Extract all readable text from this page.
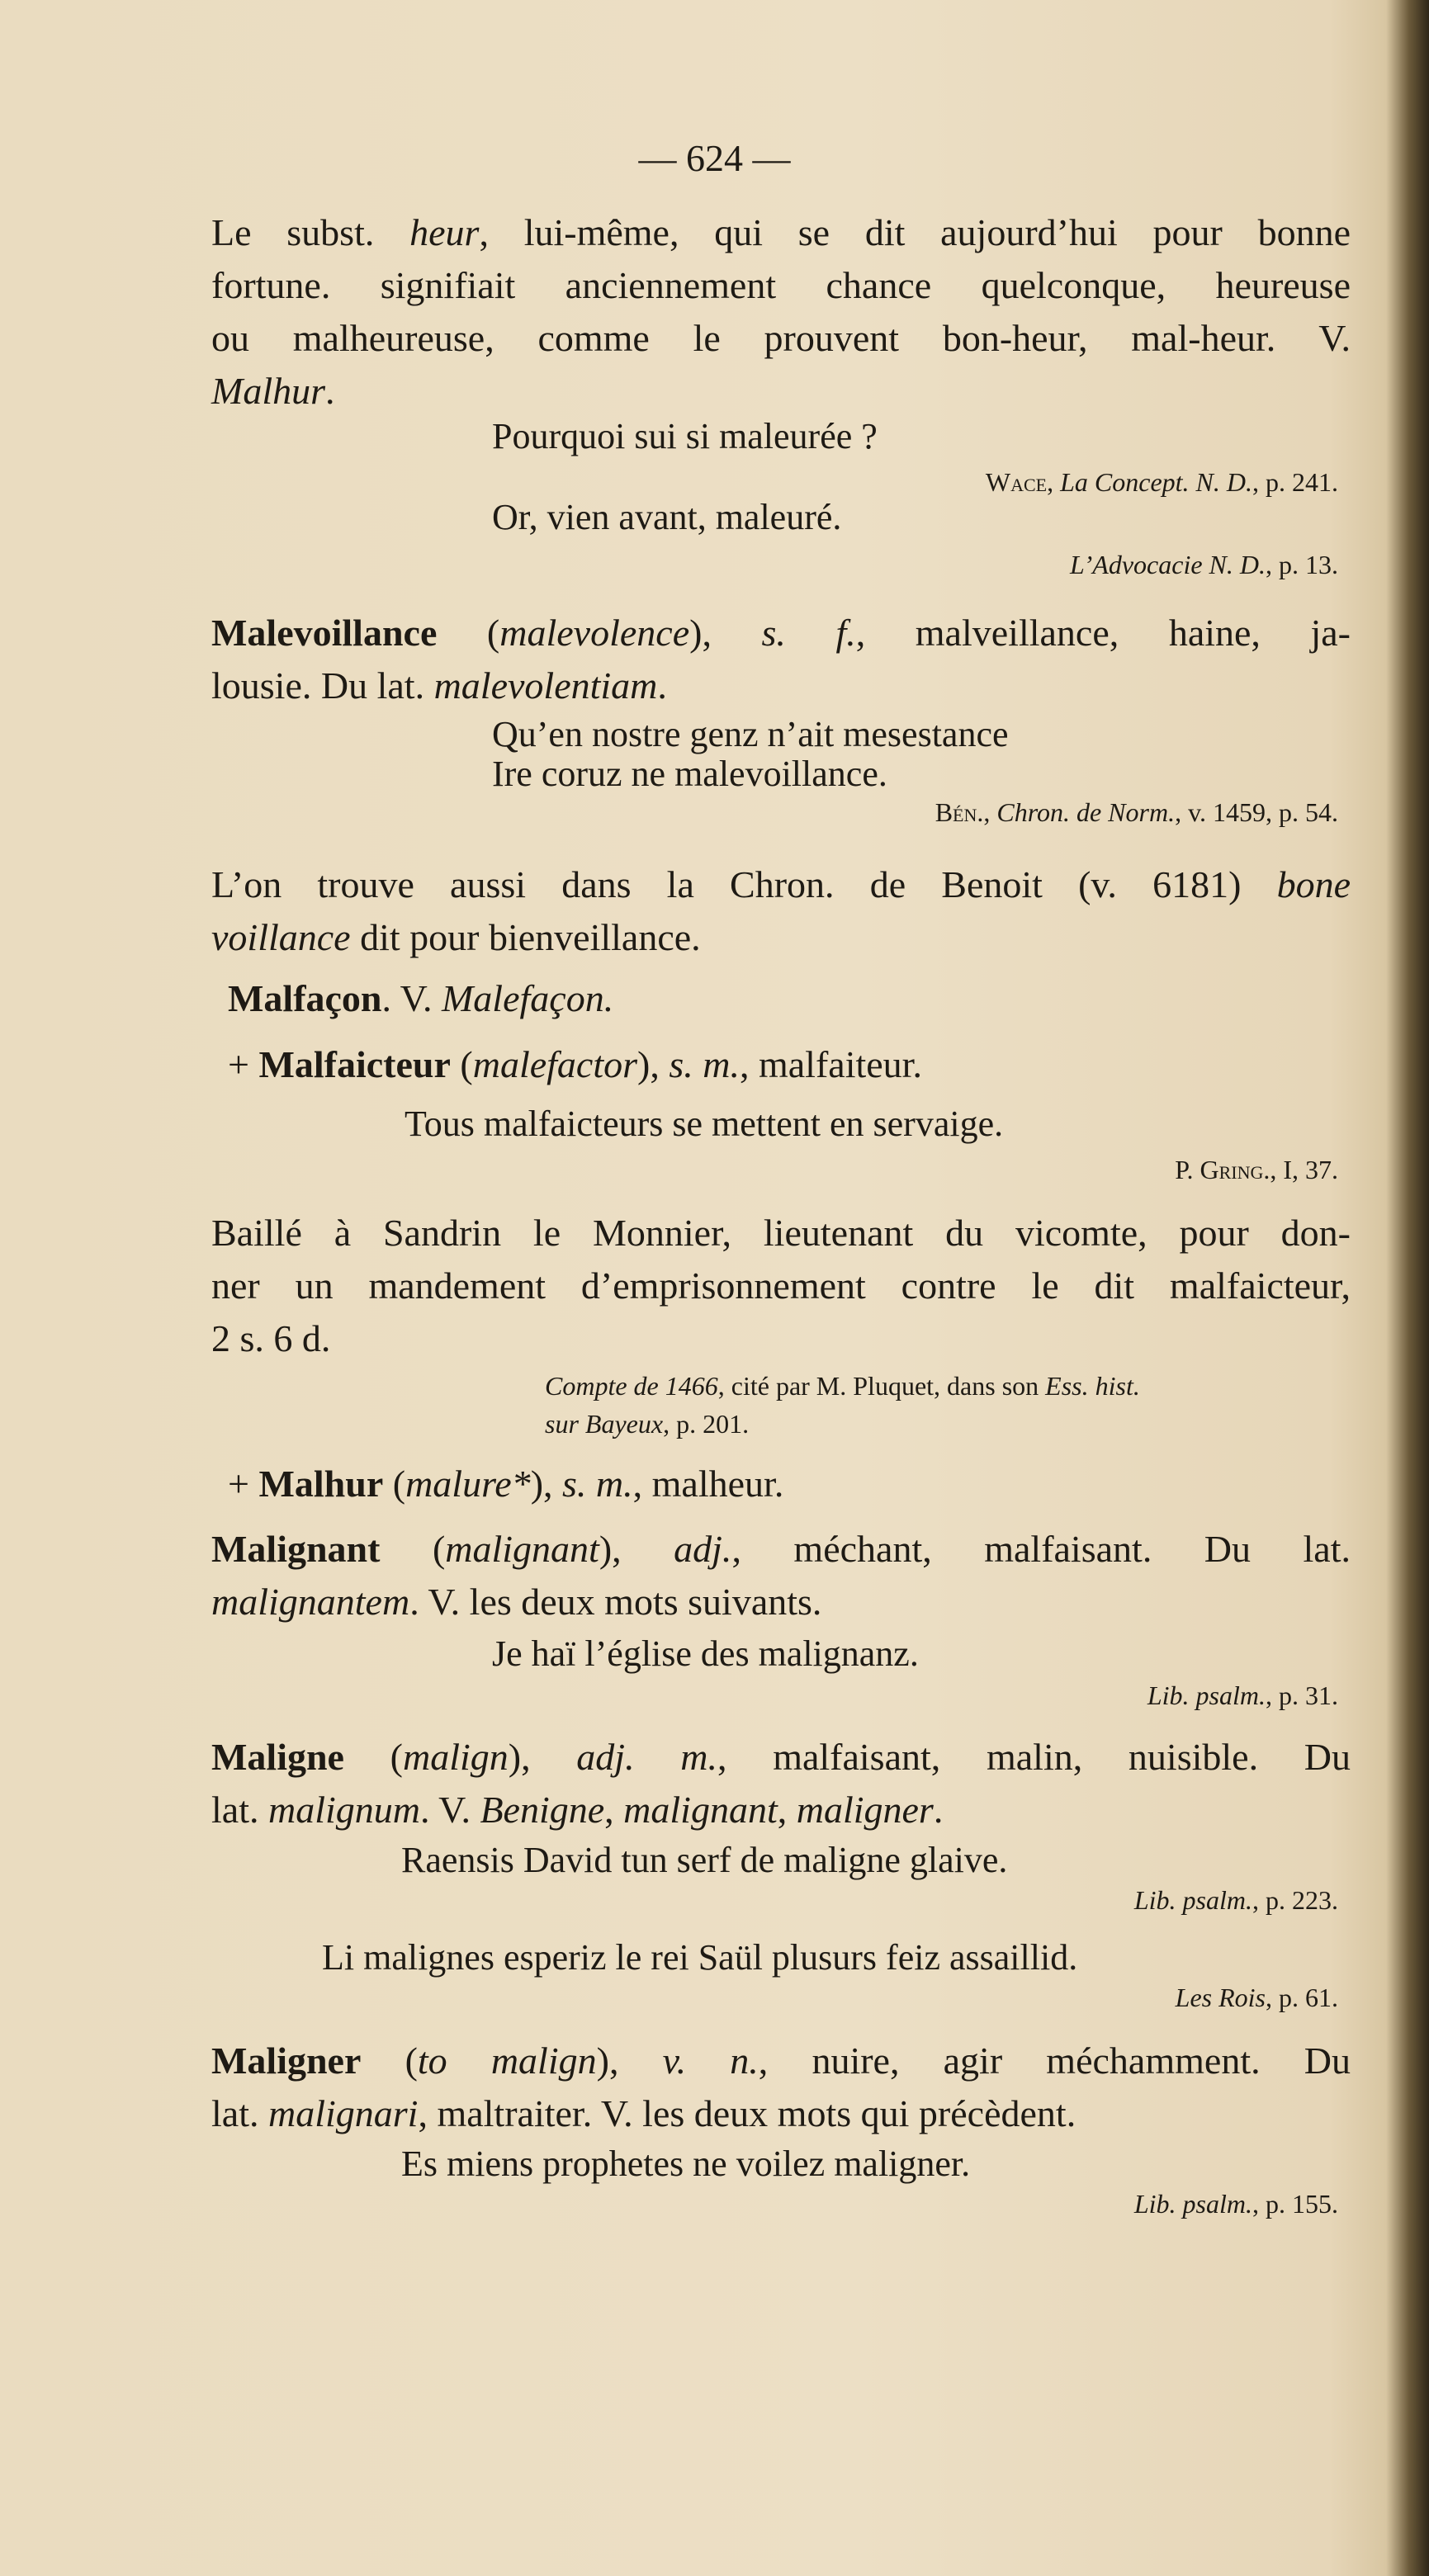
— 624 —
Le subst. heur, lui-même, qui se dit aujourd’hui pour bonne
fortune. signifiait anciennement chance quelconque, heureuse
ou malheureuse, comme le prouvent bon-heur, mal-heur. V.
Malhur.
Pourquoi sui si maleurée ?
Wace, La Concept. N. D., p. 241.
Or, vien avant, maleuré.
L’Advocacie N. D., p. 13.
Malevoillance (malevolence), s. f., malveillance, haine, ja-
lousie. Du lat. malevolentiam.
Qu’en nostre genz n’ait mesestance
Ire coruz ne malevoillance.
Bén., Chron. de Norm., v. 1459, p. 54.
L’on trouve aussi dans la Chron. de Benoit (v. 6181) bone
voillance dit pour bienveillance.
Malfaçon. V. Malefaçon.
+ Malfaicteur (malefactor), s. m., malfaiteur.
Tous malfaicteurs se mettent en servaige.
P. Gring., I, 37.
Baillé à Sandrin le Monnier, lieutenant du vicomte, pour don-
ner un mandement d’emprisonnement contre le dit malfaicteur,
2 s. 6 d.
Compte de 1466, cité par M. Pluquet, dans son Ess. hist.
sur Bayeux, p. 201.
+ Malhur (malure*), s. m., malheur.
Malignant (malignant), adj., méchant, malfaisant. Du lat.
malignantem. V. les deux mots suivants.
Je haï l’église des malignanz.
Lib. psalm., p. 31.
Maligne (malign), adj. m., malfaisant, malin, nuisible. Du
lat. malignum. V. Benigne, malignant, maligner.
Raensis David tun serf de maligne glaive.
Lib. psalm., p. 223.
Li malignes esperiz le rei Saül plusurs feiz assaillid.
Les Rois, p. 61.
Maligner (to malign), v. n., nuire, agir méchamment. Du
lat. malignari, maltraiter. V. les deux mots qui précèdent.
Es miens prophetes ne voilez maligner.
Lib. psalm., p. 155.
